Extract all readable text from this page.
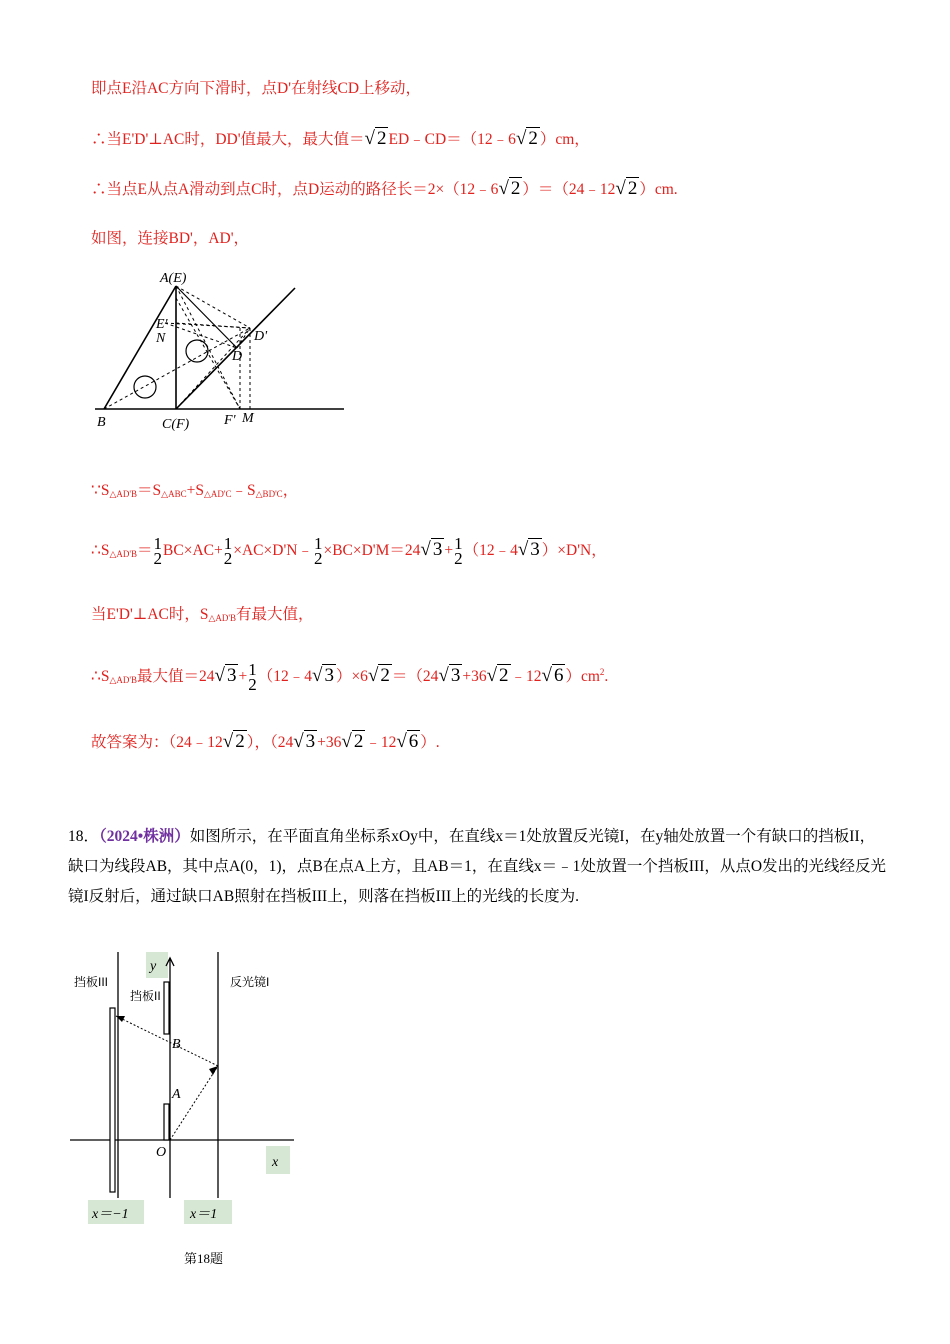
即点E沿AC方向下滑时，点D'在射线CD上移动，
∴当E'D'⊥AC时，DD'值最大，最大值＝√ 2 ED﹣CD＝（12﹣6√ 2 ）cm，
∴当点E从点A滑动到点C时，点D运动的路径长＝2×（12﹣6√ 2 ）＝（24﹣12√ 2 ）cm.
如图，连接BD'，AD'，
A(E)
E'
N	D'
D
B	C(F) F' M
$\because S_{\triangle AD'B}=S_{\triangle ABC}+S_{\triangle AD'C}﹣S_{\triangle BD'C}$，
$\therefore S_{\triangle AD'B}= 1$
2 BC×AC+ 1
2 ×AC×D'N﹣ 1
2 ×BC×D'M＝24√ 3 + 1
2 （12﹣4√ 3 ）×D'N，
当E'D'⊥AC时，$S_{\triangle AD'B}$有最大值，
$\therefore S_{\triangle AD'B}$最大值＝24√ 3 + 1
2 （12﹣4√ 3 ）×6√ 2 ＝（24√ 3 +36√ 2 ﹣12√ 6 ）$cm^2$.
故答案为：（24﹣12√ 2 ），（24√ 3 +36√ 2 ﹣12√ 6 ）.
18．（2024•株洲）如图所示，在平面直角坐标系xOy中，在直线x＝1处放置反光镜I，在y轴处放置一个有缺口的挡板II，缺口为线段AB，其中点A(0，1)，点B在点A上方，且AB＝1，在直线x＝﹣1处放置一个挡板III，从点O发出的光线经反光镜I反射后，通过缺口AB照射在挡板III上，则落在挡板III上的光线的长度为.
挡板III
挡板II
反光镜I
y
x
B
A
O
x＝−1	x＝1
第18题
